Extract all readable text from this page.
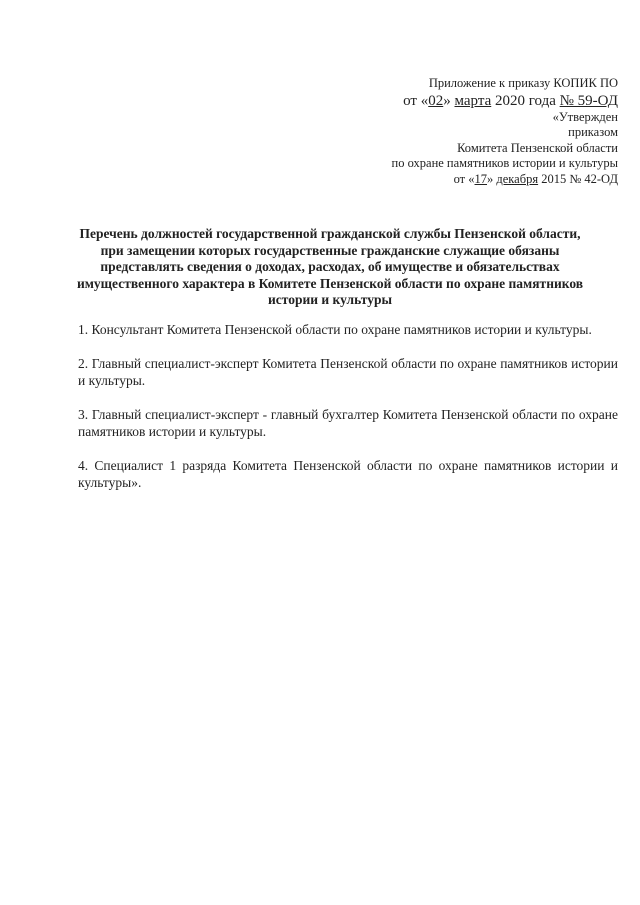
Приложение к приказу КОПИК ПО
от «02» марта 2020 года № 59-ОД
«Утвержден
приказом
Комитета Пензенской области
по охране памятников истории и культуры
от «17» декабря 2015 № 42-ОД
Перечень должностей государственной гражданской службы Пензенской области,
при замещении которых государственные гражданские служащие обязаны
представлять сведения о доходах, расходах, об имуществе и обязательствах
имущественного характера в Комитете Пензенской области по охране памятников
истории и культуры
1. Консультант Комитета Пензенской области по охране памятников истории и культуры.
2. Главный специалист-эксперт Комитета Пензенской области по охране памятников истории и культуры.
3. Главный специалист-эксперт - главный бухгалтер Комитета Пензенской области по охране памятников истории и культуры.
4. Специалист 1 разряда Комитета Пензенской области по охране памятников истории и культуры».
